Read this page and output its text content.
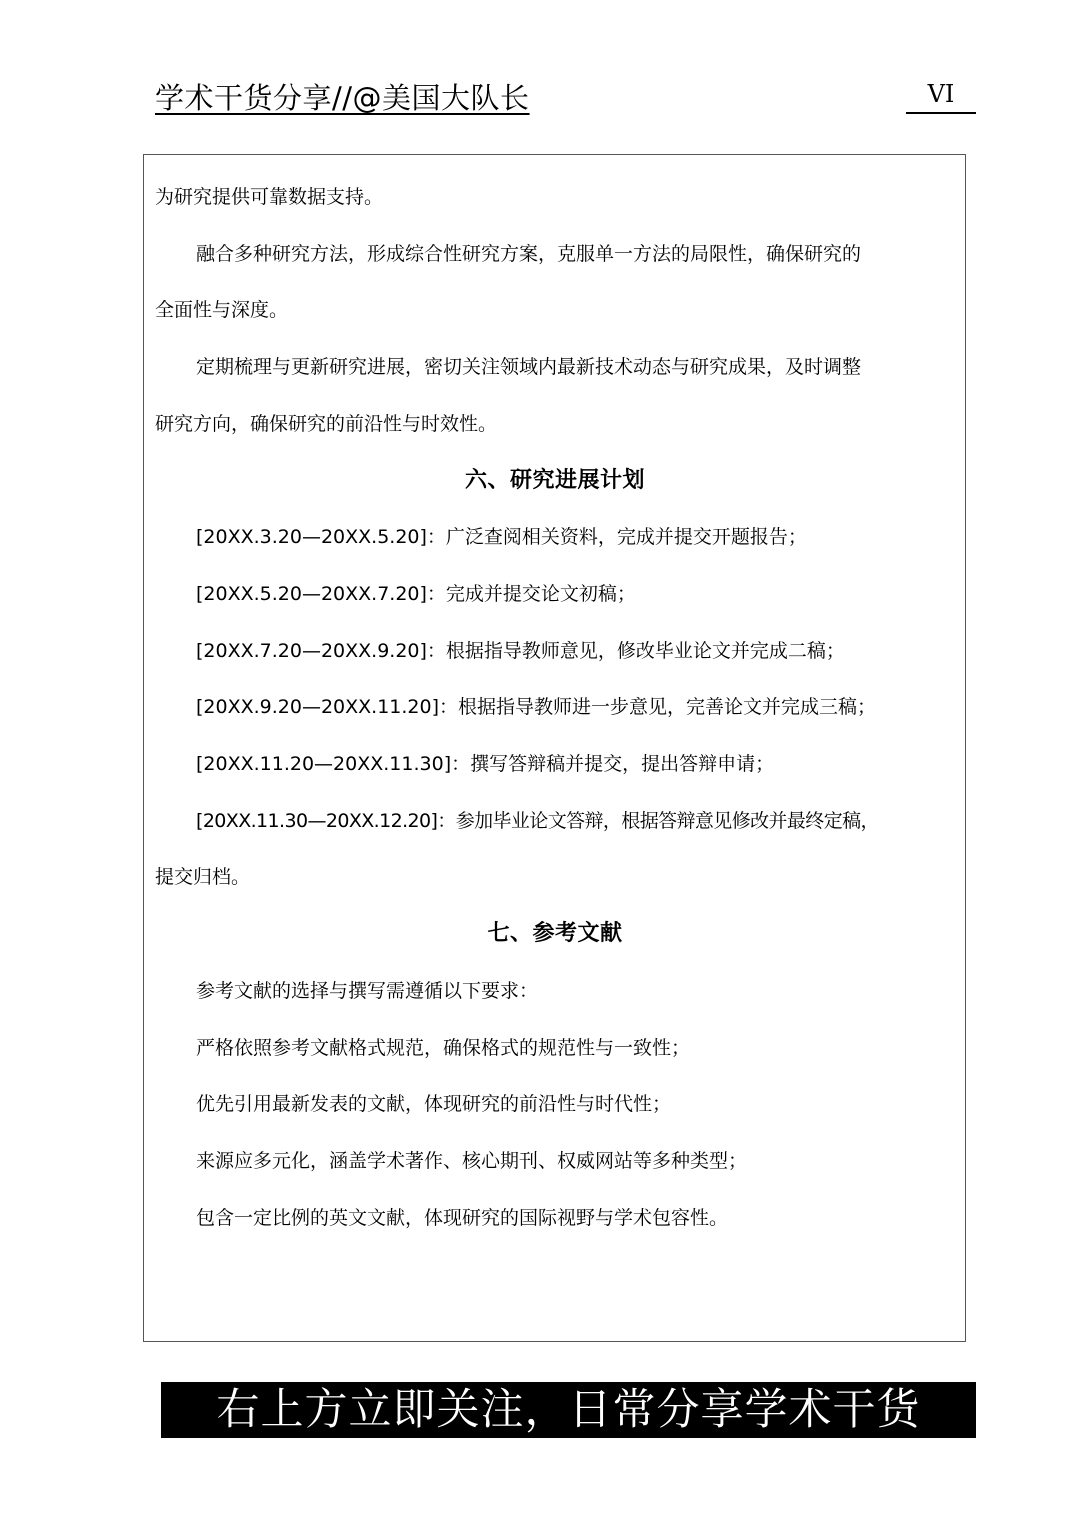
学术干货分享//@美国大队长	VI

为研究提供可靠数据支持。

融合多种研究方法，形成综合性研究方案，克服单一方法的局限性，确保研究的

全面性与深度。

定期梳理与更新研究进展，密切关注领域内最新技术动态与研究成果，及时调整

研究方向，确保研究的前沿性与时效性。

六、研究进展计划

[20XX.3.20—20XX.5.20]：广泛查阅相关资料，完成并提交开题报告；

[20XX.5.20—20XX.7.20]：完成并提交论文初稿；

[20XX.7.20—20XX.9.20]：根据指导教师意见，修改毕业论文并完成二稿；

[20XX.9.20—20XX.11.20]：根据指导教师进一步意见，完善论文并完成三稿；

[20XX.11.20—20XX.11.30]：撰写答辩稿并提交，提出答辩申请；

[20XX.11.30—20XX.12.20]：参加毕业论文答辩，根据答辩意见修改并最终定稿，

提交归档。

七、参考文献

参考文献的选择与撰写需遵循以下要求：

严格依照参考文献格式规范，确保格式的规范性与一致性；

优先引用最新发表的文献，体现研究的前沿性与时代性；

来源应多元化，涵盖学术著作、核心期刊、权威网站等多种类型；

包含一定比例的英文文献，体现研究的国际视野与学术包容性。

右上方立即关注，日常分享学术干货
